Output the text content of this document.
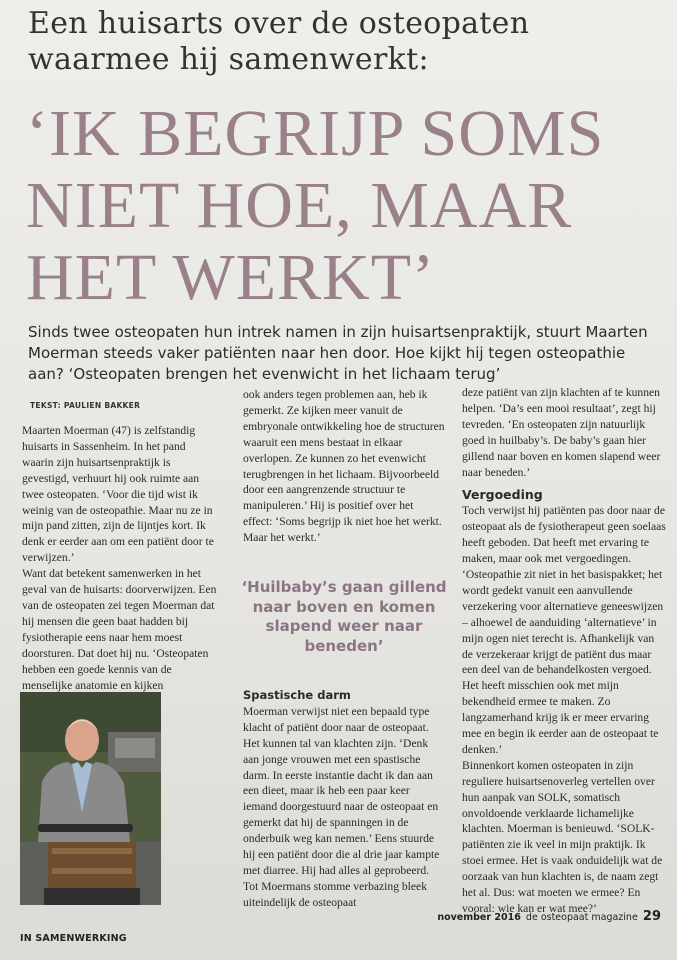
Een huisarts over de osteopaten
waarmee hij samenwerkt:
‘IK BEGRIJP SOMS
NIET HOE, MAAR
HET WERKT’
Sinds twee osteopaten hun intrek namen in zijn huisartsenpraktijk, stuurt Maarten
Moerman steeds vaker patiënten naar hen door. Hoe kijkt hij tegen osteopathie
aan? ‘Osteopaten brengen het evenwicht in het lichaam terug’
TEKST: PAULIEN BAKKER

Maarten Moerman (47) is zelfstandig huisarts in Sassenheim. In het pand waarin zijn huisartsenpraktijk is gevestigd, verhuurt hij ook ruimte aan twee osteopaten. ‘Voor die tijd wist ik weinig van de osteopathie. Maar nu ze in mijn pand zitten, zijn de lijntjes kort. Ik denk er eerder aan om een patiënt door te verwijzen.’

Want dat betekent samenwerken in het geval van de huisarts: doorverwijzen. Een van de osteopaten zei tegen Moerman dat hij mensen die geen baat hadden bij fysiotherapie eens naar hem moest doorsturen. Dat doet hij nu. ‘Osteopaten hebben een goede kennis van de menselijke anatomie en kijken

ook anders tegen problemen aan, heb ik gemerkt. Ze kijken meer vanuit de embryonale ontwikkeling hoe de structuren waaruit een mens bestaat in elkaar overlopen. Ze kunnen zo het evenwicht terugbrengen in het lichaam. Bijvoorbeeld door een aangrenzende structuur te manipuleren.’ Hij is positief over het effect: ‘Soms begrijp ik niet hoe het werkt. Maar het werkt.’

‘Huilbaby’s gaan gillend naar boven en komen slapend weer naar beneden’

Spastische darm

Moerman verwijst niet een bepaald type klacht of patiënt door naar de osteopaat. Het kunnen tal van klachten zijn. ‘Denk aan jonge vrouwen met een spastische darm. In eerste instantie dacht ik dan aan een dieet, maar ik heb een paar keer iemand doorgestuurd naar de osteopaat en gemerkt dat hij de spanningen in de onderbuik weg kan nemen.’ Eens stuurde hij een patiënt door die al drie jaar kampte met diarree. Hij had alles al geprobeerd. Tot Moermans stomme verbazing bleek uiteindelijk de osteopaat

deze patiënt van zijn klachten af te kunnen helpen. ‘Da’s een mooi resultaat’, zegt hij tevreden. ‘En osteopaten zijn natuurlijk goed in huilbaby’s. De baby’s gaan hier gillend naar boven en komen slapend weer naar beneden.’

Vergoeding

Toch verwijst hij patiënten pas door naar de osteopaat als de fysiotherapeut geen soelaas heeft geboden. Dat heeft met ervaring te maken, maar ook met vergoedingen. ‘Osteopathie zit niet in het basispakket; het wordt gedekt vanuit een aanvullende verzekering voor alternatieve geneeswijzen – alhoewel de aanduiding ‘alternatieve’ in mijn ogen niet terecht is. Afhankelijk van de verzekeraar krijgt de patiënt dus maar een deel van de behandelkosten vergoed. Het heeft misschien ook met mijn bekendheid ermee te maken. Zo langzamerhand krijg ik er meer ervaring mee en begin ik eerder aan de osteopaat te denken.’

Binnenkort komen osteopaten in zijn reguliere huisartsenoverleg vertellen over hun aanpak van SOLK, somatisch onvoldoende verklaarde lichamelijke klachten. Moerman is benieuwd. ‘SOLK-patiënten zie ik veel in mijn praktijk. Ik stoei ermee. Het is vaak onduidelijk wat de oorzaak van hun klachten is, de naam zegt het al. Dus: wat moeten we ermee? En vooral: wie kan er wat mee?’

IN SAMENWERKING
november 2016 de osteopaat magazine 29
